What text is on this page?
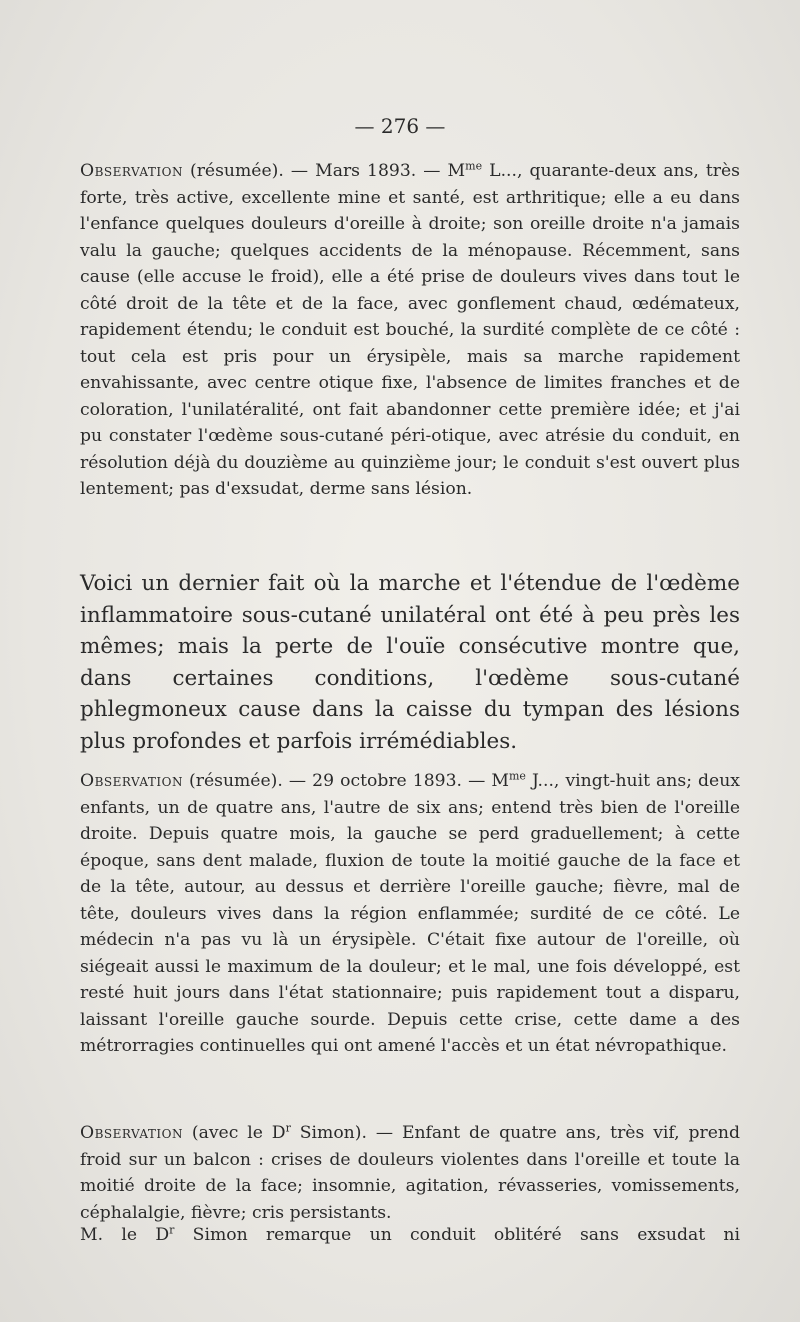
— 276 —

Observation (résumée). — Mars 1893. — $M^{me}$ L..., quarante-deux ans, très forte, très active, excellente mine et santé, est arthritique; elle a eu dans l'enfance quelques douleurs d'oreille à droite; son oreille droite n'a jamais valu la gauche; quelques accidents de la ménopause. Récemment, sans cause (elle accuse le froid), elle a été prise de douleurs vives dans tout le côté droit de la tête et de la face, avec gonflement chaud, œdémateux, rapidement étendu; le conduit est bouché, la surdité complète de ce côté : tout cela est pris pour un érysipèle, mais sa marche rapidement envahissante, avec centre otique fixe, l'absence de limites franches et de coloration, l'unilatéralité, ont fait abandonner cette première idée; et j'ai pu constater l'œdème sous-cutané péri-otique, avec atrésie du conduit, en résolution déjà du douzième au quinzième jour; le conduit s'est ouvert plus lentement; pas d'exsudat, derme sans lésion.

Voici un dernier fait où la marche et l'étendue de l'œdème inflammatoire sous-cutané unilatéral ont été à peu près les mêmes; mais la perte de l'ouïe consécutive montre que, dans certaines conditions, l'œdème sous-cutané phlegmoneux cause dans la caisse du tympan des lésions plus profondes et parfois irrémédiables.

Observation (résumée). — 29 octobre 1893. — $M^{me}$ J..., vingt-huit ans; deux enfants, un de quatre ans, l'autre de six ans; entend très bien de l'oreille droite. Depuis quatre mois, la gauche se perd graduellement; à cette époque, sans dent malade, fluxion de toute la moitié gauche de la face et de la tête, autour, au dessus et derrière l'oreille gauche; fièvre, mal de tête, douleurs vives dans la région enflammée; surdité de ce côté. Le médecin n'a pas vu là un érysipèle. C'était fixe autour de l'oreille, où siégeait aussi le maximum de la douleur; et le mal, une fois développé, est resté huit jours dans l'état stationnaire; puis rapidement tout a disparu, laissant l'oreille gauche sourde. Depuis cette crise, cette dame a des métrorragies continuelles qui ont amené l'accès et un état névropathique.

Observation (avec le $D^r$ Simon). — Enfant de quatre ans, très vif, prend froid sur un balcon : crises de douleurs violentes dans l'oreille et toute la moitié droite de la face; insomnie, agitation, révasseries, vomissements, céphalalgie, fièvre; cris persistants.

M. le $D^r$ Simon remarque un conduit oblitéré sans exsudat ni
